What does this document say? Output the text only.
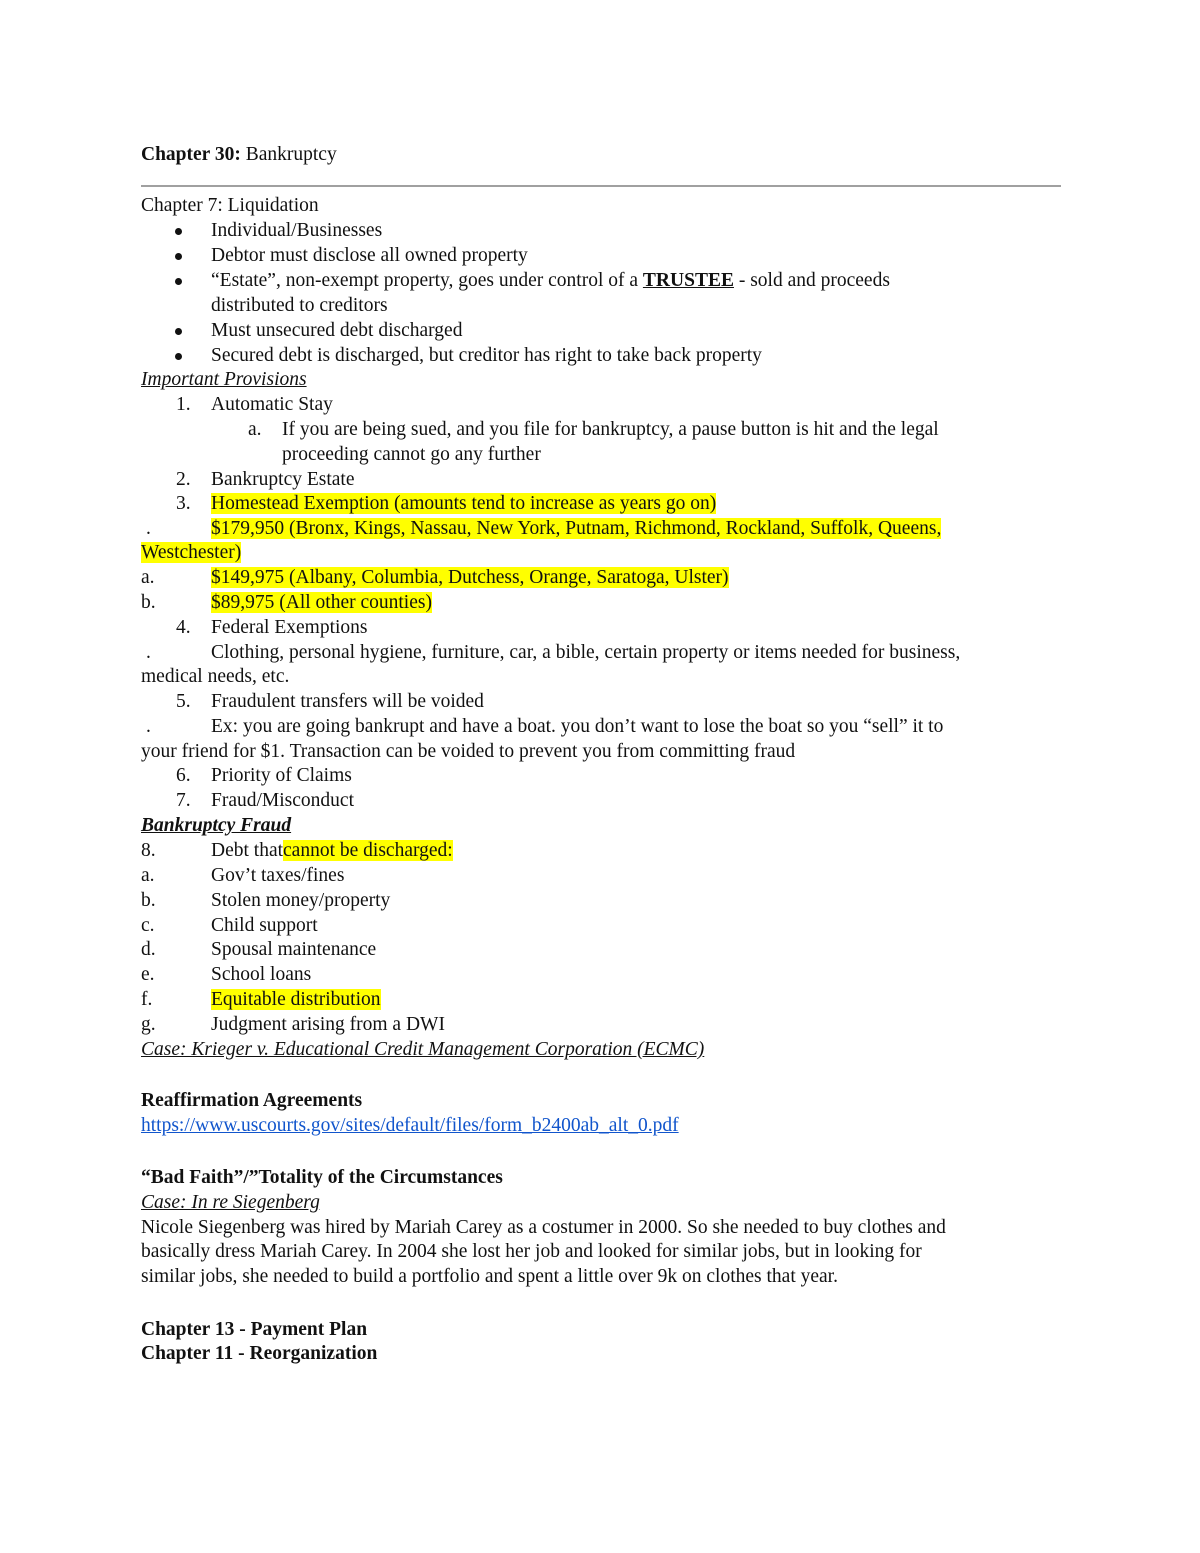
Chapter 30: Bankruptcy
Chapter 7: Liquidation
Individual/Businesses
Debtor must disclose all owned property
“Estate”, non-exempt property, goes under control of a TRUSTEE - sold and proceeds
distributed to creditors
Must unsecured debt discharged
Secured debt is discharged, but creditor has right to take back property
Important Provisions
1. Automatic Stay
a. If you are being sued, and you file for bankruptcy, a pause button is hit and the legal
proceeding cannot go any further
2. Bankruptcy Estate
3. Homestead Exemption (amounts tend to increase as years go on)
.	$179,950 (Bronx, Kings, Nassau, New York, Putnam, Richmond, Rockland, Suffolk, Queens,
Westchester)
a.	$149,975 (Albany, Columbia, Dutchess, Orange, Saratoga, Ulster)
b.	$89,975 (All other counties)
4. Federal Exemptions
.	Clothing, personal hygiene, furniture, car, a bible, certain property or items needed for business,
medical needs, etc.
5. Fraudulent transfers will be voided
.	Ex: you are going bankrupt and have a boat. you don’t want to lose the boat so you “sell” it to
your friend for $1. Transaction can be voided to prevent you from committing fraud
6. Priority of Claims
7. Fraud/Misconduct
Bankruptcy Fraud
8.	Debt thatcannot be discharged:
a.	Gov’t taxes/fines
b.	Stolen money/property
c.	Child support
d.	Spousal maintenance
e.	School loans
f.	Equitable distribution
g.	Judgment arising from a DWI
Case: Krieger v. Educational Credit Management Corporation (ECMC)
Reaffirmation Agreements
https://www.uscourts.gov/sites/default/files/form_b2400ab_alt_0.pdf
“Bad Faith”/”Totality of the Circumstances
Case: In re Siegenberg
Nicole Siegenberg was hired by Mariah Carey as a costumer in 2000. So she needed to buy clothes and
basically dress Mariah Carey. In 2004 she lost her job and looked for similar jobs, but in looking for
similar jobs, she needed to build a portfolio and spent a little over 9k on clothes that year.
Chapter 13 - Payment Plan
Chapter 11 - Reorganization
